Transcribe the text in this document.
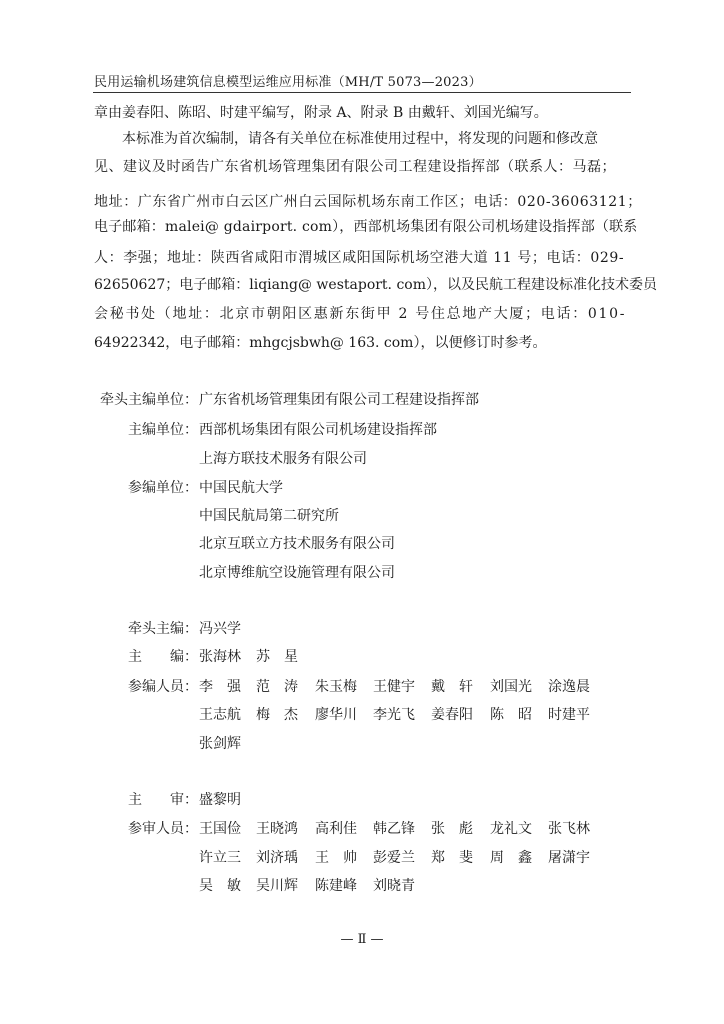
民用运输机场建筑信息模型运维应用标准（MH/T 5073—2023）
章由姜春阳、陈昭、时建平编写，附录 A、附录 B 由戴轩、刘国光编写。
本标准为首次编制，请各有关单位在标准使用过程中，将发现的问题和修改意
见、建议及时函告广东省机场管理集团有限公司工程建设指挥部（联系人：马磊；
地址：广东省广州市白云区广州白云国际机场东南工作区；电话：020-36063121；
电子邮箱：malei@ gdairport. com），西部机场集团有限公司机场建设指挥部（联系
人：李强；地址：陕西省咸阳市渭城区咸阳国际机场空港大道 11 号；电话：029-
62650627；电子邮箱：liqiang@ westaport. com），以及民航工程建设标准化技术委员
会秘书处（地址：北京市朝阳区惠新东街甲 2 号住总地产大厦；电话：010-
64922342，电子邮箱：mhgcjsbwh@ 163. com），以便修订时参考。
牵头主编单位： 广东省机场管理集团有限公司工程建设指挥部
主编单位： 西部机场集团有限公司机场建设指挥部
上海方联技术服务有限公司
参编单位： 中国民航大学
中国民航局第二研究所
北京互联立方技术服务有限公司
北京博维航空设施管理有限公司
牵头主编： 冯兴学
主　　编： 张海林 苏　星
参编人员： 李　强 范　涛 朱玉梅 王健宇 戴　轩 刘国光 涂逸晨
王志航 梅　杰 廖华川 李光飞 姜春阳 陈　昭 时建平
张剑辉
主　　审： 盛黎明
参审人员： 王国俭 王晓鸿 高利佳 韩乙锋 张　彪 龙礼文 张飞林
许立三 刘济瑀 王　帅 彭爱兰 郑　斐 周　鑫 屠潇宇
吴　敏 吴川辉 陈建峰 刘晓青
— Ⅱ —
